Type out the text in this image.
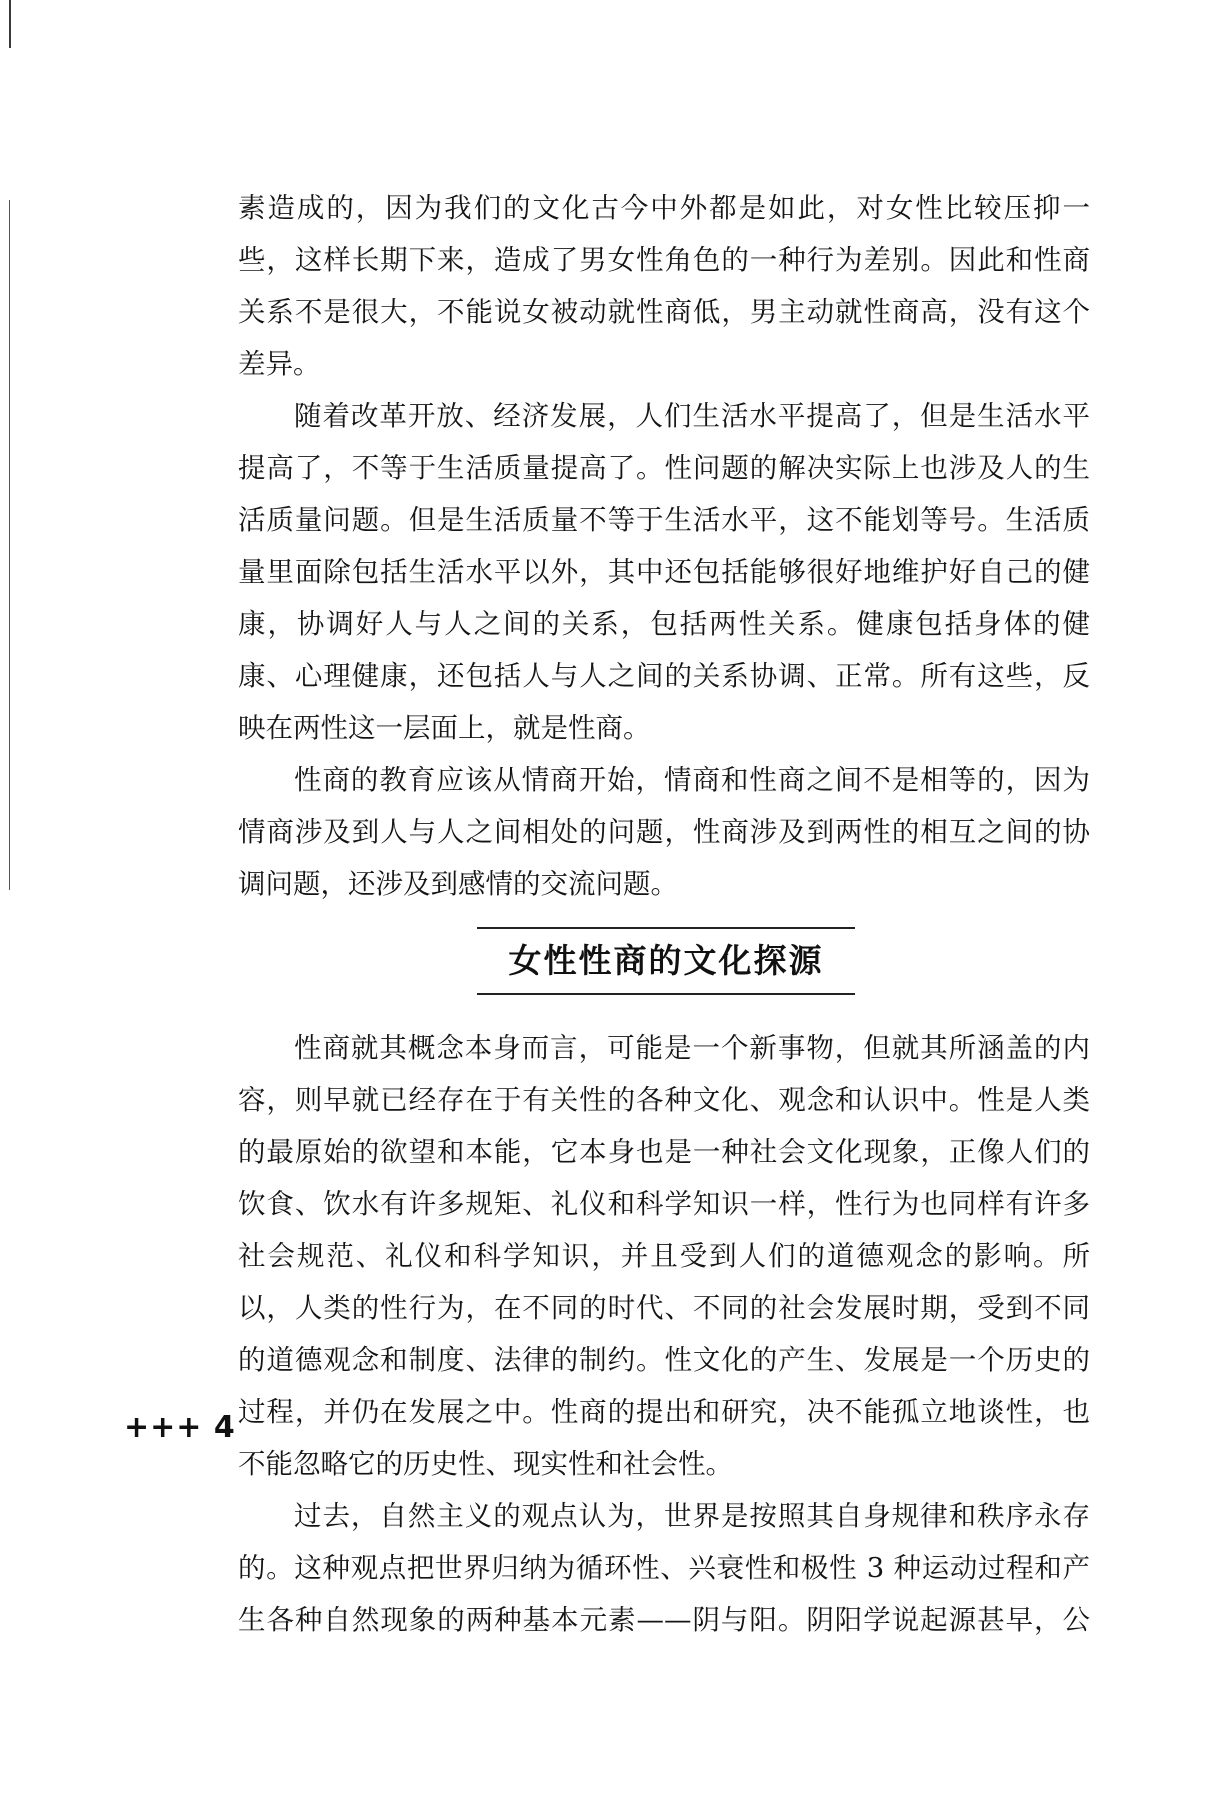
素造成的，因为我们的文化古今中外都是如此，对女性比较压抑一
些，这样长期下来，造成了男女性角色的一种行为差别。因此和性商
关系不是很大，不能说女被动就性商低，男主动就性商高，没有这个
差异。
随着改革开放、经济发展，人们生活水平提高了，但是生活水平
提高了，不等于生活质量提高了。性问题的解决实际上也涉及人的生
活质量问题。但是生活质量不等于生活水平，这不能划等号。生活质
量里面除包括生活水平以外，其中还包括能够很好地维护好自己的健
康，协调好人与人之间的关系，包括两性关系。健康包括身体的健
康、心理健康，还包括人与人之间的关系协调、正常。所有这些，反
映在两性这一层面上，就是性商。
性商的教育应该从情商开始，情商和性商之间不是相等的，因为
情商涉及到人与人之间相处的问题，性商涉及到两性的相互之间的协
调问题，还涉及到感情的交流问题。
女性性商的文化探源
性商就其概念本身而言，可能是一个新事物，但就其所涵盖的内
容，则早就已经存在于有关性的各种文化、观念和认识中。性是人类
的最原始的欲望和本能，它本身也是一种社会文化现象，正像人们的
饮食、饮水有许多规矩、礼仪和科学知识一样，性行为也同样有许多
社会规范、礼仪和科学知识，并且受到人们的道德观念的影响。所
以，人类的性行为，在不同的时代、不同的社会发展时期，受到不同
的道德观念和制度、法律的制约。性文化的产生、发展是一个历史的
过程，并仍在发展之中。性商的提出和研究，决不能孤立地谈性，也
不能忽略它的历史性、现实性和社会性。
过去，自然主义的观点认为，世界是按照其自身规律和秩序永存
的。这种观点把世界归纳为循环性、兴衰性和极性 3 种运动过程和产
生各种自然现象的两种基本元素——阴与阳。阴阳学说起源甚早，公
+++ 4
